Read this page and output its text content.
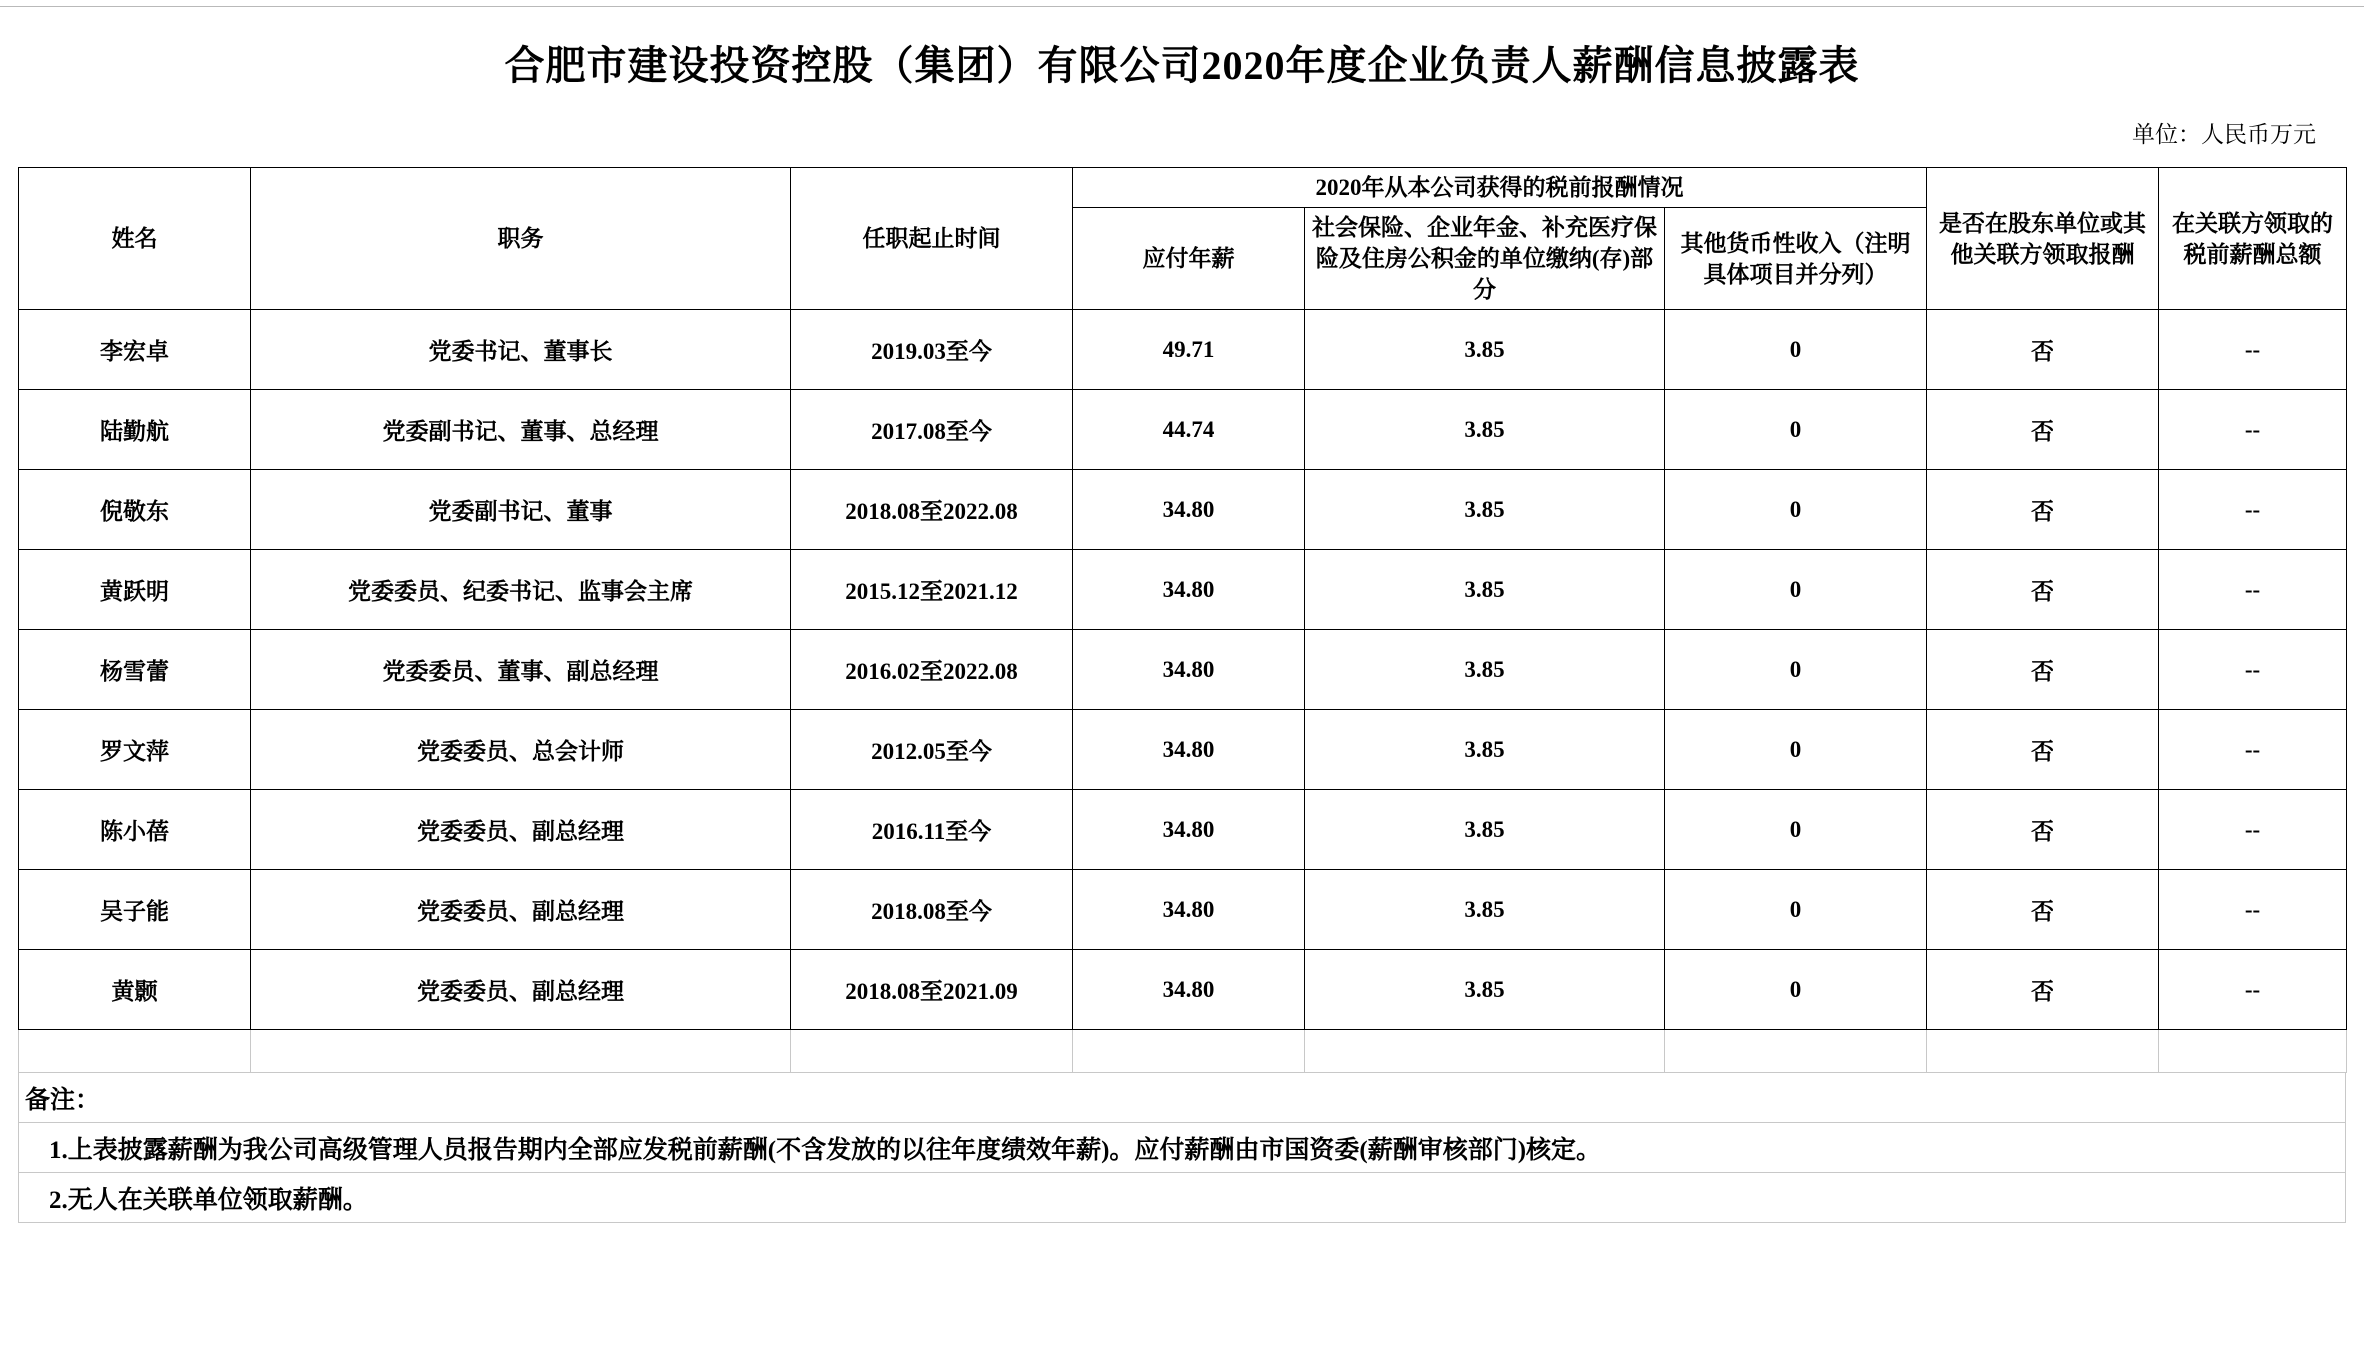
合肥市建设投资控股（集团）有限公司2020年度企业负责人薪酬信息披露表
单位：人民币万元
姓名	职务	任职起止时间	2020年从本公司获得的税前报酬情况			是否在股东单位或其他关联方领取报酬	在关联方领取的税前薪酬总额
			应付年薪	社会保险、企业年金、补充医疗保险及住房公积金的单位缴纳(存)部分	其他货币性收入（注明具体项目并分列）		
李宏卓	党委书记、董事长	2019.03至今	49.71	3.85	0	否	--
陆勤航	党委副书记、董事、总经理	2017.08至今	44.74	3.85	0	否	--
倪敬东	党委副书记、董事	2018.08至2022.08	34.80	3.85	0	否	--
黄跃明	党委委员、纪委书记、监事会主席	2015.12至2021.12	34.80	3.85	0	否	--
杨雪蕾	党委委员、董事、副总经理	2016.02至2022.08	34.80	3.85	0	否	--
罗文萍	党委委员、总会计师	2012.05至今	34.80	3.85	0	否	--
陈小蓓	党委委员、副总经理	2016.11至今	34.80	3.85	0	否	--
吴子能	党委委员、副总经理	2018.08至今	34.80	3.85	0	否	--
黄颢	党委委员、副总经理	2018.08至2021.09	34.80	3.85	0	否	--

备注：
1.上表披露薪酬为我公司高级管理人员报告期内全部应发税前薪酬(不含发放的以往年度绩效年薪)。应付薪酬由市国资委(薪酬审核部门)核定。
2.无人在关联单位领取薪酬。
